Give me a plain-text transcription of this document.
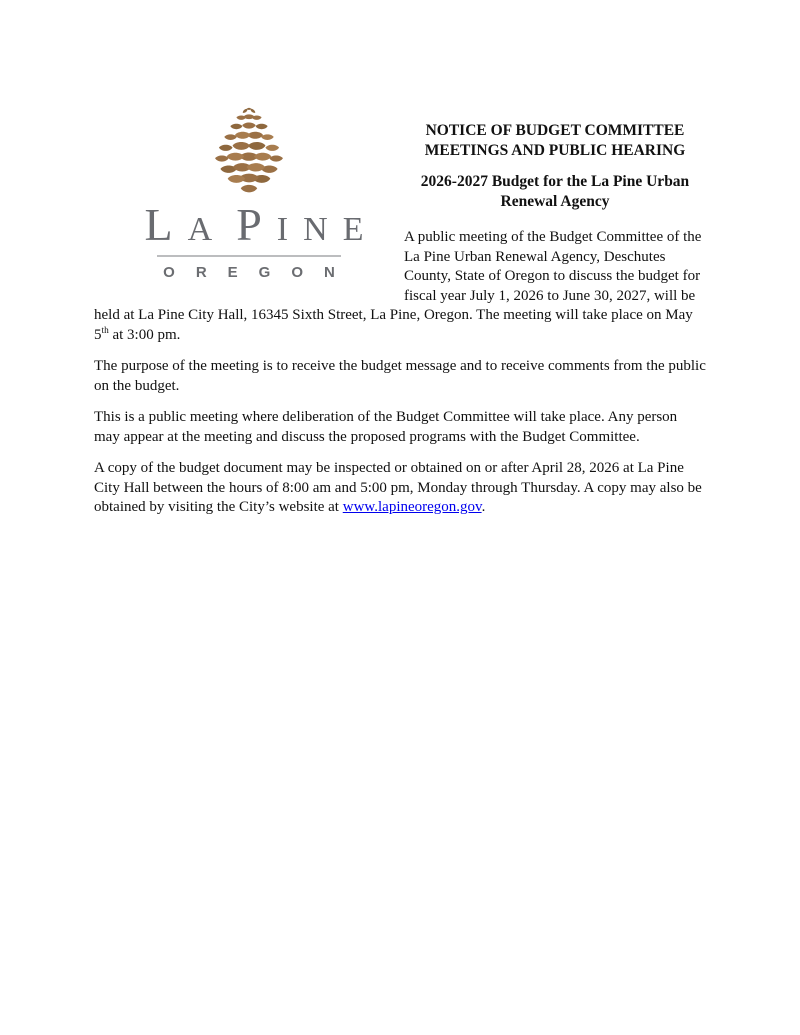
L A P I N E
OREGON
NOTICE OF BUDGET COMMITTEE
MEETINGS AND PUBLIC HEARING
2026-2027 Budget for the La Pine Urban
Renewal Agency

A public meeting of the Budget Committee of the La Pine Urban Renewal Agency, Deschutes County, State of Oregon to discuss the budget for fiscal year July 1, 2026 to June 30, 2027, will be held at La Pine City Hall, 16345 Sixth Street, La Pine, Oregon. The meeting will take place on May 5th at 3:00 pm.

The purpose of the meeting is to receive the budget message and to receive comments from the public on the budget.

This is a public meeting where deliberation of the Budget Committee will take place. Any person may appear at the meeting and discuss the proposed programs with the Budget Committee.

A copy of the budget document may be inspected or obtained on or after April 28, 2026 at La Pine City Hall between the hours of 8:00 am and 5:00 pm, Monday through Thursday. A copy may also be obtained by visiting the City’s website at www.lapineoregon.gov.
